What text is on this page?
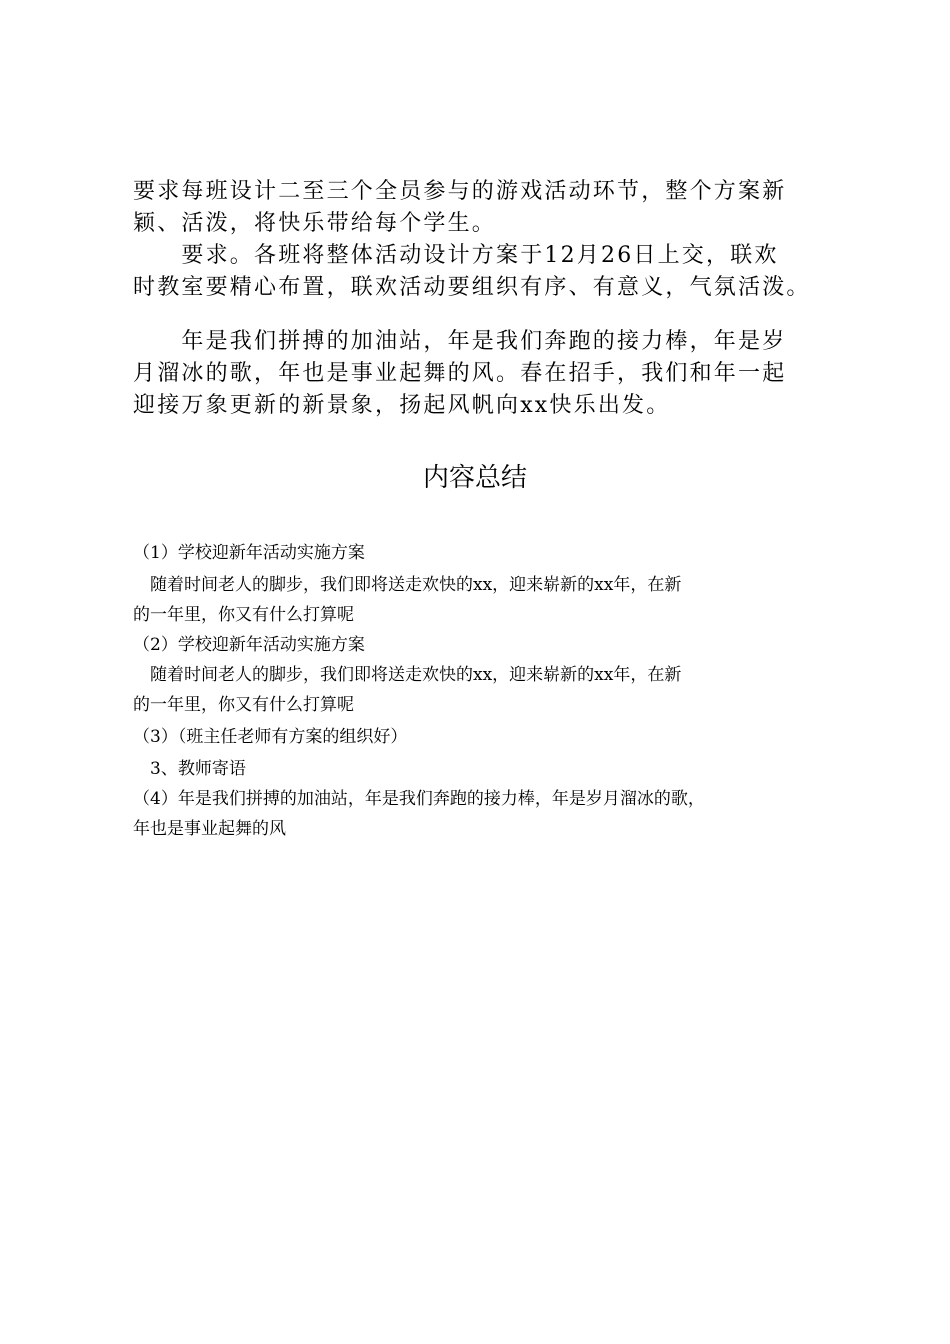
要求每班设计二至三个全员参与的游戏活动环节，整个方案新
颖、活泼，将快乐带给每个学生。
　　要求。各班将整体活动设计方案于12月26日上交，联欢
时教室要精心布置，联欢活动要组织有序、有意义，气氛活泼。
　　年是我们拼搏的加油站，年是我们奔跑的接力棒，年是岁
月溜冰的歌，年也是事业起舞的风。春在招手，我们和年一起
迎接万象更新的新景象，扬起风帆向xx快乐出发。
内容总结
（1）学校迎新年活动实施方案
　随着时间老人的脚步，我们即将送走欢快的xx，迎来崭新的xx年，在新
的一年里，你又有什么打算呢
（2）学校迎新年活动实施方案
　随着时间老人的脚步，我们即将送走欢快的xx，迎来崭新的xx年，在新
的一年里，你又有什么打算呢
（3）（班主任老师有方案的组织好）
　3、教师寄语
（4）年是我们拼搏的加油站，年是我们奔跑的接力棒，年是岁月溜冰的歌，
年也是事业起舞的风
